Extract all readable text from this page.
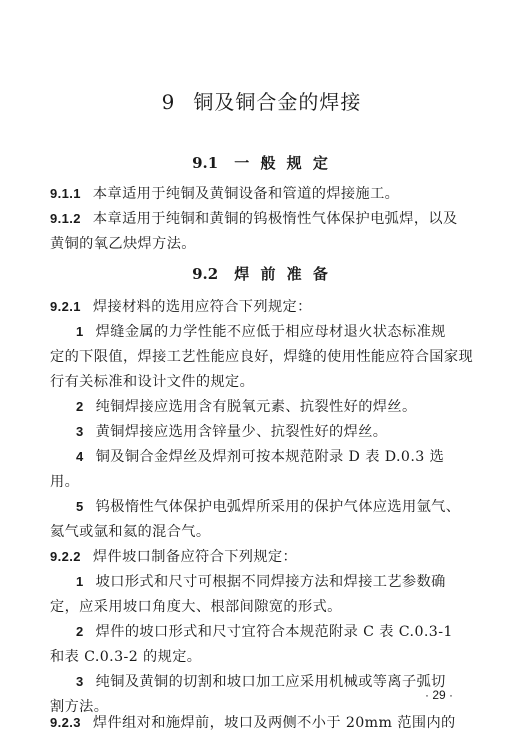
9 铜及铜合金的焊接
9.1 一 般 规 定
9.1.1 本章适用于纯铜及黄铜设备和管道的焊接施工。
9.1.2 本章适用于纯铜和黄铜的钨极惰性气体保护电弧焊，以及
黄铜的氧乙炔焊方法。
9.2 焊 前 准 备
9.2.1 焊接材料的选用应符合下列规定：
1 焊缝金属的力学性能不应低于相应母材退火状态标准规
定的下限值，焊接工艺性能应良好，焊缝的使用性能应符合国家现
行有关标准和设计文件的规定。
2 纯铜焊接应选用含有脱氧元素、抗裂性好的焊丝。
3 黄铜焊接应选用含锌量少、抗裂性好的焊丝。
4 铜及铜合金焊丝及焊剂可按本规范附录 D 表 D.0.3 选
用。
5 钨极惰性气体保护电弧焊所采用的保护气体应选用氩气、
氦气或氩和氦的混合气。
9.2.2 焊件坡口制备应符合下列规定：
1 坡口形式和尺寸可根据不同焊接方法和焊接工艺参数确
定，应采用坡口角度大、根部间隙宽的形式。
2 焊件的坡口形式和尺寸宜符合本规范附录 C 表 C.0.3-1
和表 C.0.3-2 的规定。
3 纯铜及黄铜的切割和坡口加工应采用机械或等离子弧切
割方法。
9.2.3 焊件组对和施焊前，坡口及两侧不小于 20mm 范围内的
· 29 ·
